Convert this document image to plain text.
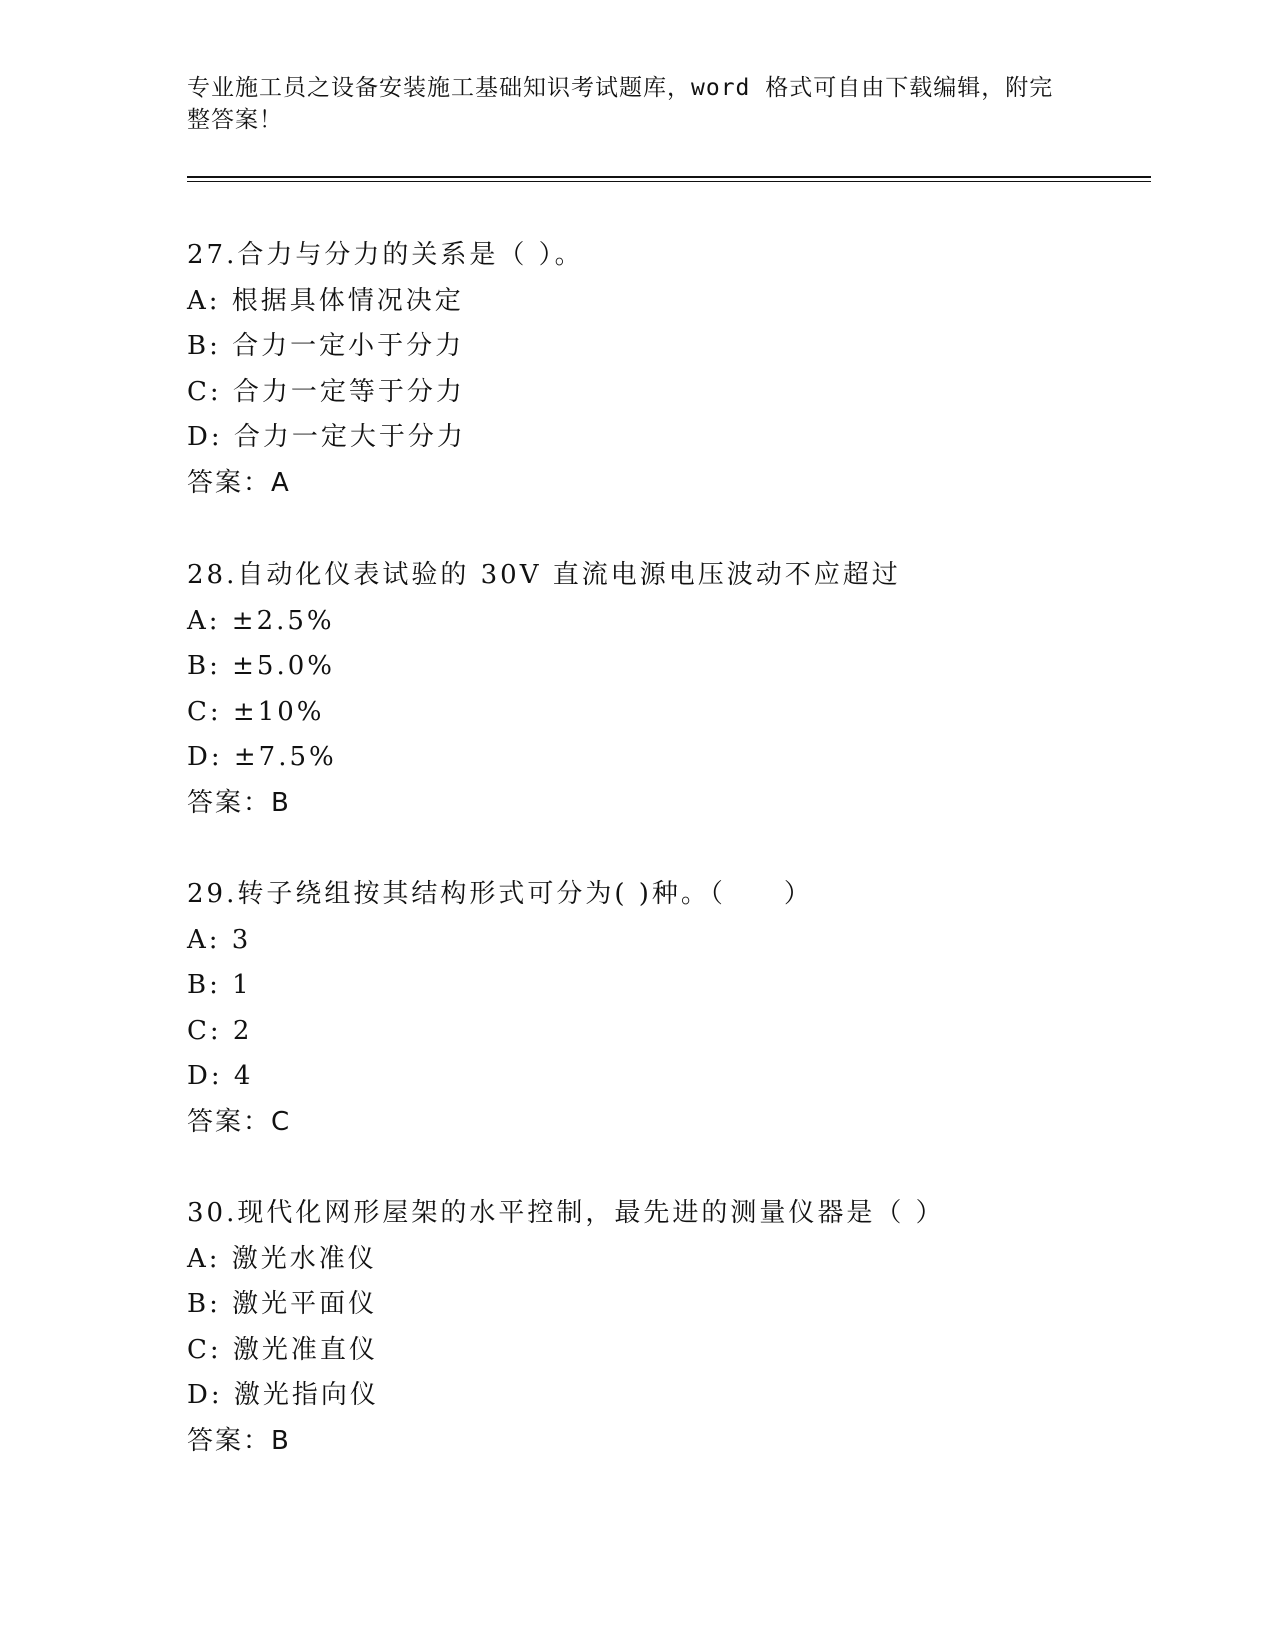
专业施工员之设备安装施工基础知识考试题库，word 格式可自由下载编辑，附完整答案！
27.合力与分力的关系是（ ）。
A: 根据具体情况决定
B: 合力一定小于分力
C: 合力一定等于分力
D: 合力一定大于分力
答案：A
28.自动化仪表试验的 30V 直流电源电压波动不应超过
A: ±2.5%
B: ±5.0%
C: ±10%
D: ±7.5%
答案：B
29.转子绕组按其结构形式可分为( )种。（　　）
A: 3
B: 1
C: 2
D: 4
答案：C
30.现代化网形屋架的水平控制，最先进的测量仪器是（ ）
A: 激光水准仪
B: 激光平面仪
C: 激光准直仪
D: 激光指向仪
答案：B
